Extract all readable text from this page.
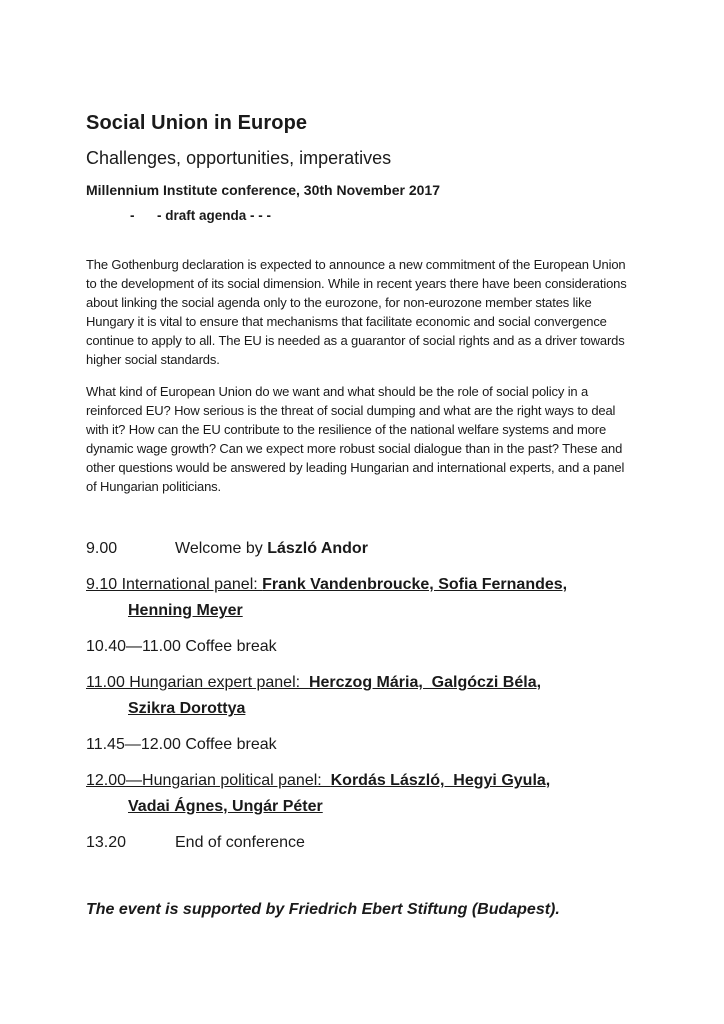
Social Union in Europe
Challenges, opportunities, imperatives
Millennium Institute conference, 30th November 2017
-      - draft agenda - - -

The Gothenburg declaration is expected to announce a new commitment of the European Union to the development of its social dimension. While in recent years there have been considerations about linking the social agenda only to the eurozone, for non-eurozone member states like Hungary it is vital to ensure that mechanisms that facilitate economic and social convergence continue to apply to all. The EU is needed as a guarantor of social rights and as a driver towards higher social standards.

What kind of European Union do we want and what should be the role of social policy in a reinforced EU? How serious is the threat of social dumping and what are the right ways to deal with it? How can the EU contribute to the resilience of the national welfare systems and more dynamic wage growth? Can we expect more robust social dialogue than in the past? These and other questions would be answered by leading Hungarian and international experts, and a panel of Hungarian politicians.

9.00	Welcome by László Andor
9.10 International panel: Frank Vandenbroucke, Sofia Fernandes,
Henning Meyer
10.40—11.00 Coffee break
11.00 Hungarian expert panel:  Herczog Mária,  Galgóczi Béla,
Szikra Dorottya
11.45—12.00 Coffee break
12.00—Hungarian political panel:  Kordás László,  Hegyi Gyula,
Vadai Ágnes, Ungár Péter
13.20	End of conference

The event is supported by Friedrich Ebert Stiftung (Budapest).
